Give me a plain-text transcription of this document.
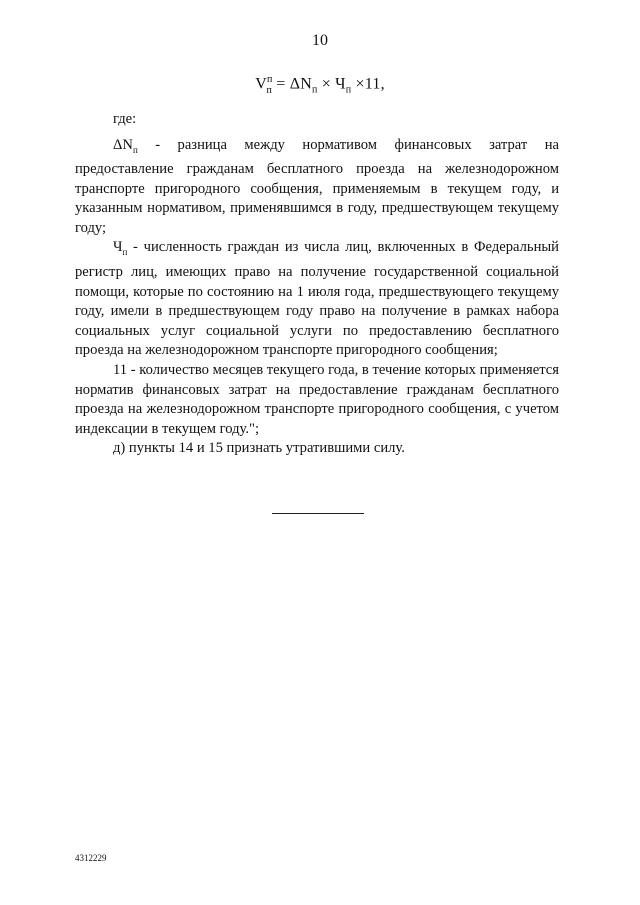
10
$V^п_п = \Delta N_п \times Ч_п \times 11$,

где:

$\Delta N_п$ - разница между нормативом финансовых затрат на предоставление гражданам бесплатного проезда на железнодорожном транспорте пригородного сообщения, применяемым в текущем году, и указанным нормативом, применявшимся в году, предшествующем текущему году;

$Ч_п$ - численность граждан из числа лиц, включенных в Федеральный регистр лиц, имеющих право на получение государственной социальной помощи, которые по состоянию на 1 июля года, предшествующего текущему году, имели в предшествующем году право на получение в рамках набора социальных услуг социальной услуги по предоставлению бесплатного проезда на железнодорожном транспорте пригородного сообщения;

11 - количество месяцев текущего года, в течение которых применяется норматив финансовых затрат на предоставление гражданам бесплатного проезда на железнодорожном транспорте пригородного сообщения, с учетом индексации в текущем году.";

д) пункты 14 и 15 признать утратившими силу.

4312229
